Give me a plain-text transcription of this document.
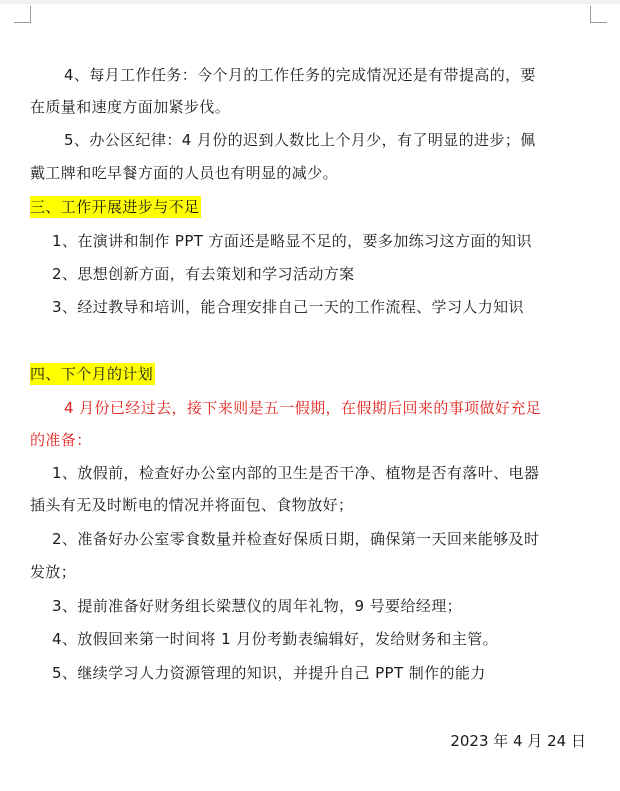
4、每月工作任务：今个月的工作任务的完成情况还是有带提高的，要
在质量和速度方面加紧步伐。
5、办公区纪律：4 月份的迟到人数比上个月少，有了明显的进步；佩
戴工牌和吃早餐方面的人员也有明显的减少。
三、工作开展进步与不足
1、在演讲和制作 PPT 方面还是略显不足的，要多加练习这方面的知识
2、思想创新方面，有去策划和学习活动方案
3、经过教导和培训，能合理安排自己一天的工作流程、学习人力知识
四、下个月的计划
4 月份已经过去，接下来则是五一假期，在假期后回来的事项做好充足
的准备：
1、放假前，检查好办公室内部的卫生是否干净、植物是否有落叶、电器
插头有无及时断电的情况并将面包、食物放好；
2、准备好办公室零食数量并检查好保质日期，确保第一天回来能够及时
发放；
3、提前准备好财务组长梁慧仪的周年礼物，9 号要给经理；
4、放假回来第一时间将 1 月份考勤表编辑好，发给财务和主管。
5、继续学习人力资源管理的知识，并提升自己 PPT 制作的能力
2023 年 4 月 24 日
